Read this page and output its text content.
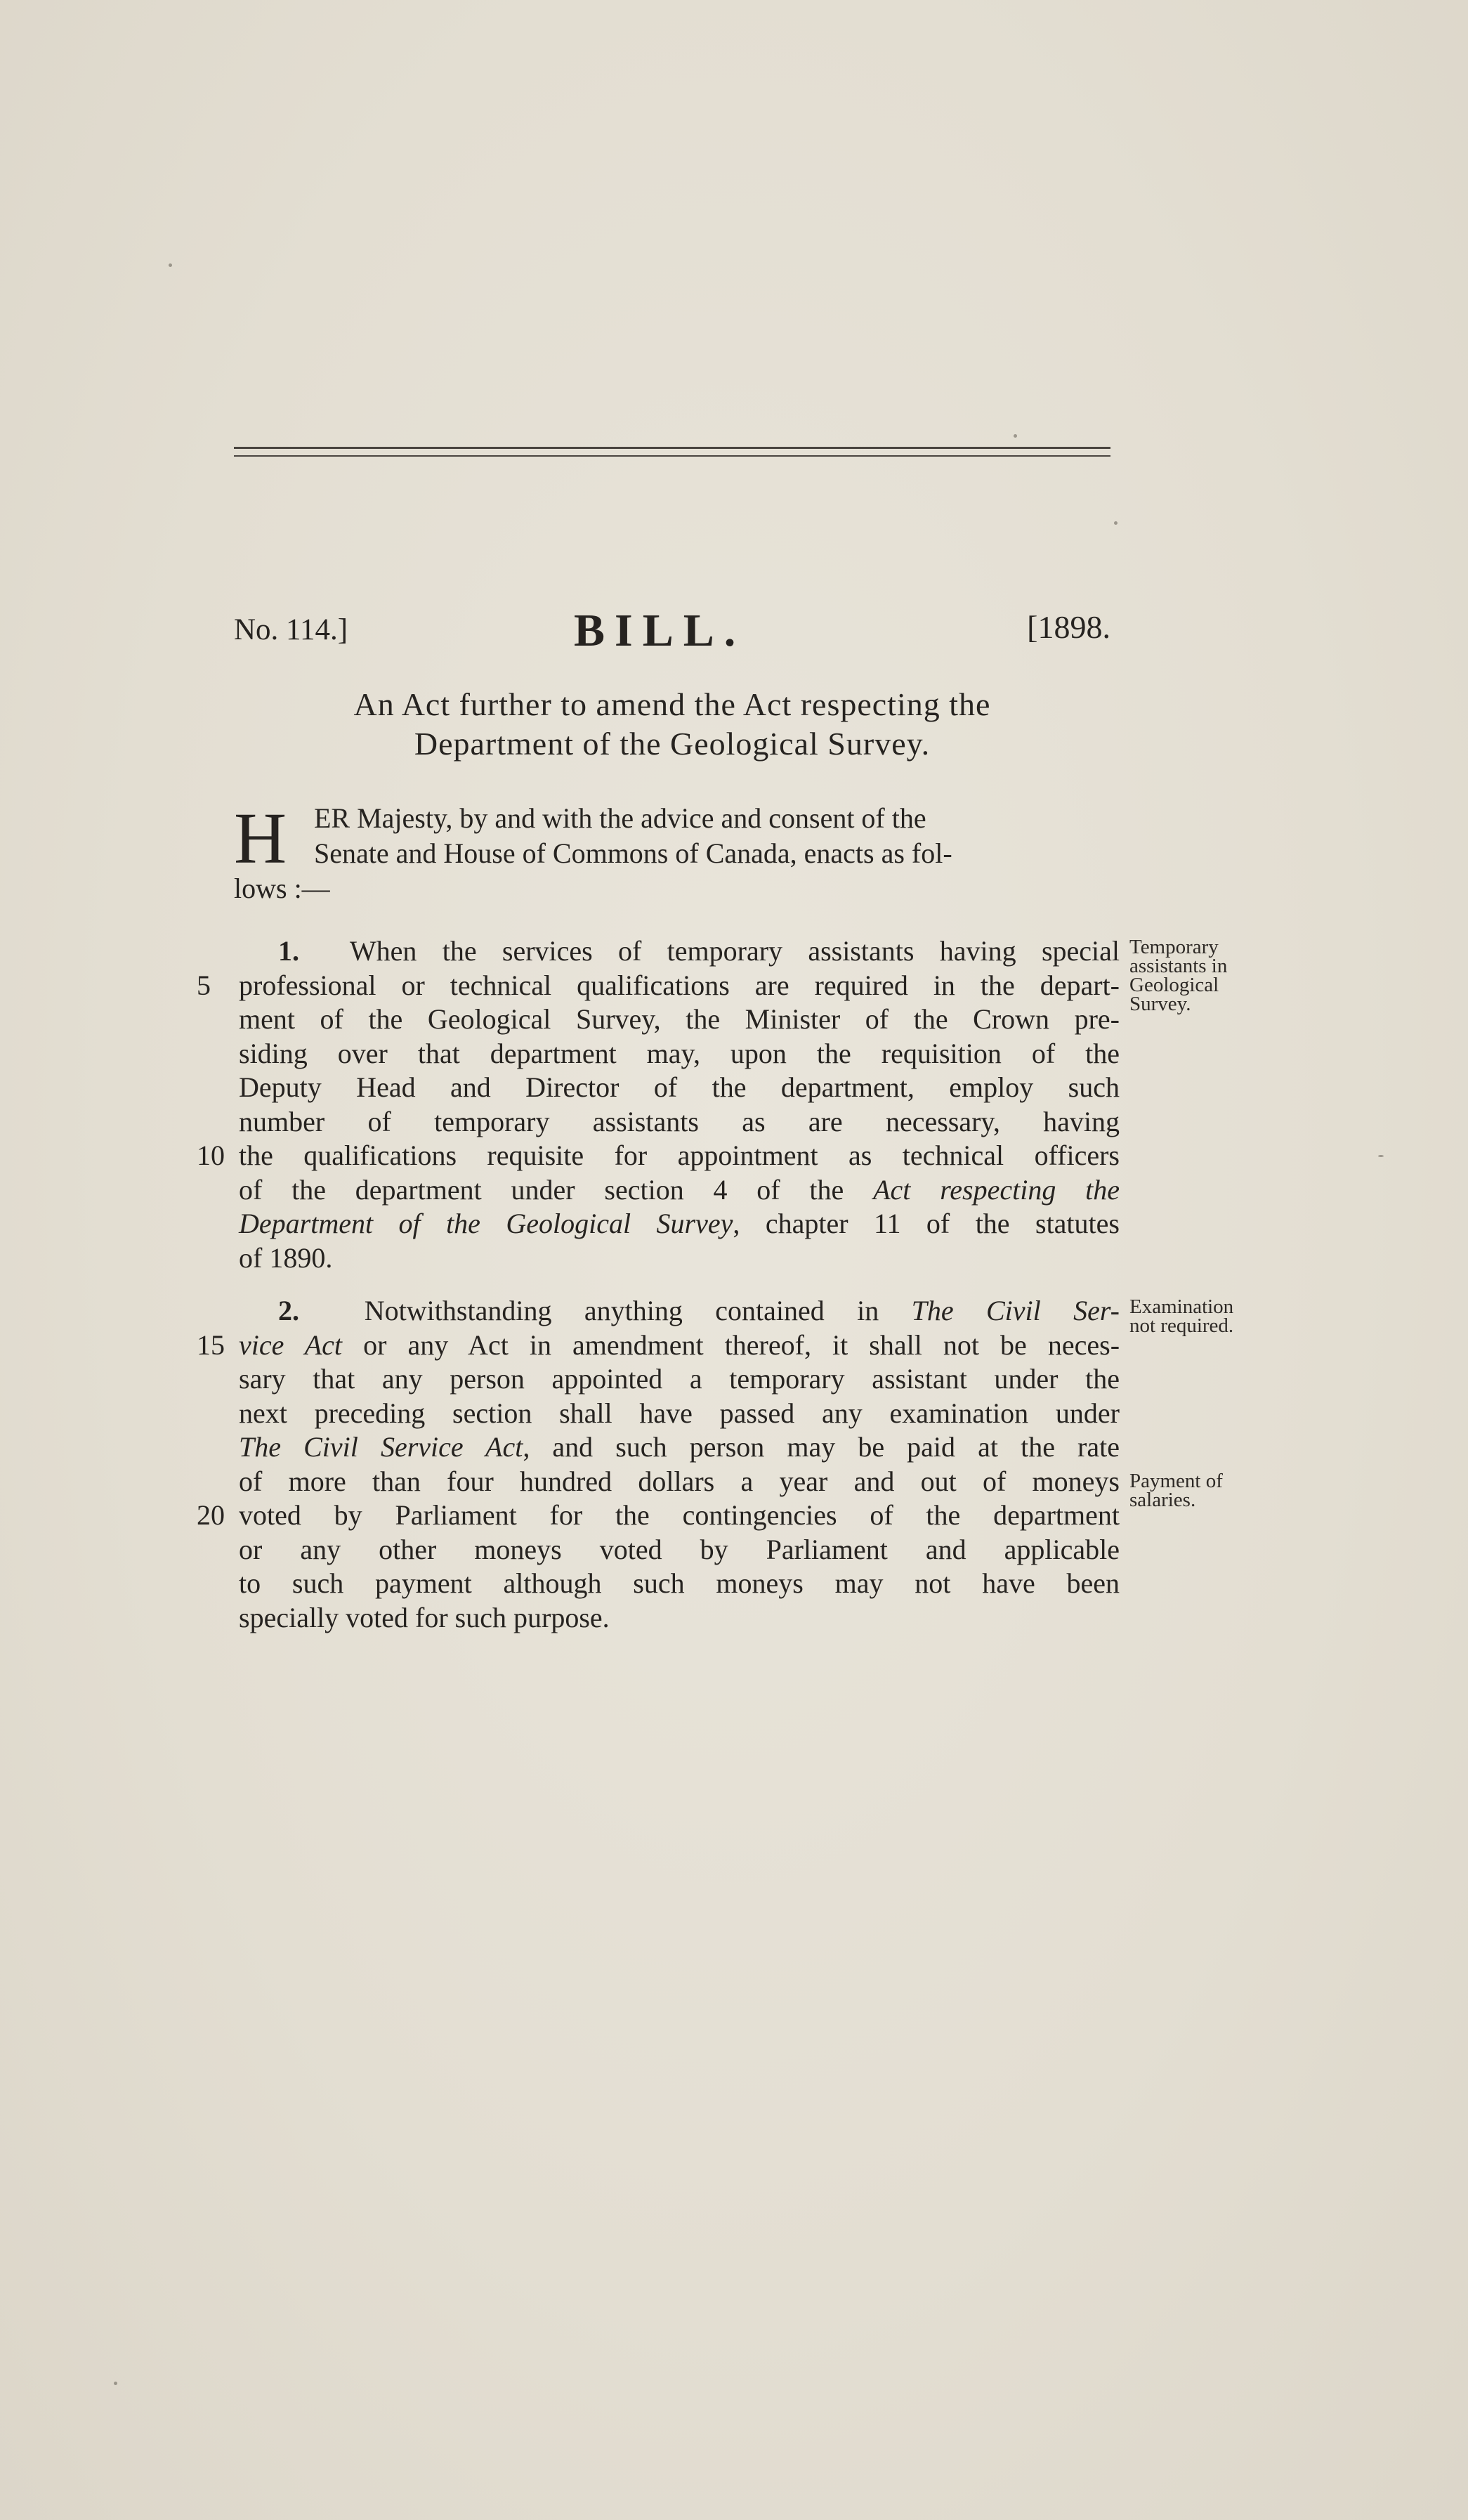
No. 114.]	BILL.	[1898.
An Act further to amend the Act respecting the
Department of the Geological Survey.
H ER Majesty, by and with the advice and consent of the
Senate and House of Commons of Canada, enacts as fol-
lows :—
1. When the services of temporary assistants having special
5	professional or technical qualifications are required in the depart-
ment of the Geological Survey, the Minister of the Crown pre-
siding over that department may, upon the requisition of the
Deputy Head and Director of the department, employ such
number of temporary assistants as are necessary, having
10 the qualifications requisite for appointment as technical officers
of the department under section 4 of the Act respecting the
Department of the Geological Survey, chapter 11 of the statutes
of 1890.
Temporary
assistants in
Geological
Survey.
2. Notwithstanding anything contained in The Civil Ser-
15 vice Act or any Act in amendment thereof, it shall not be neces-
sary that any person appointed a temporary assistant under the
next preceding section shall have passed any examination under
The Civil Service Act, and such person may be paid at the rate
of more than four hundred dollars a year and out of moneys
20 voted by Parliament for the contingencies of the department
or any other moneys voted by Parliament and applicable
to such payment although such moneys may not have been
specially voted for such purpose.
Examination
not required.
Payment of
salaries.
